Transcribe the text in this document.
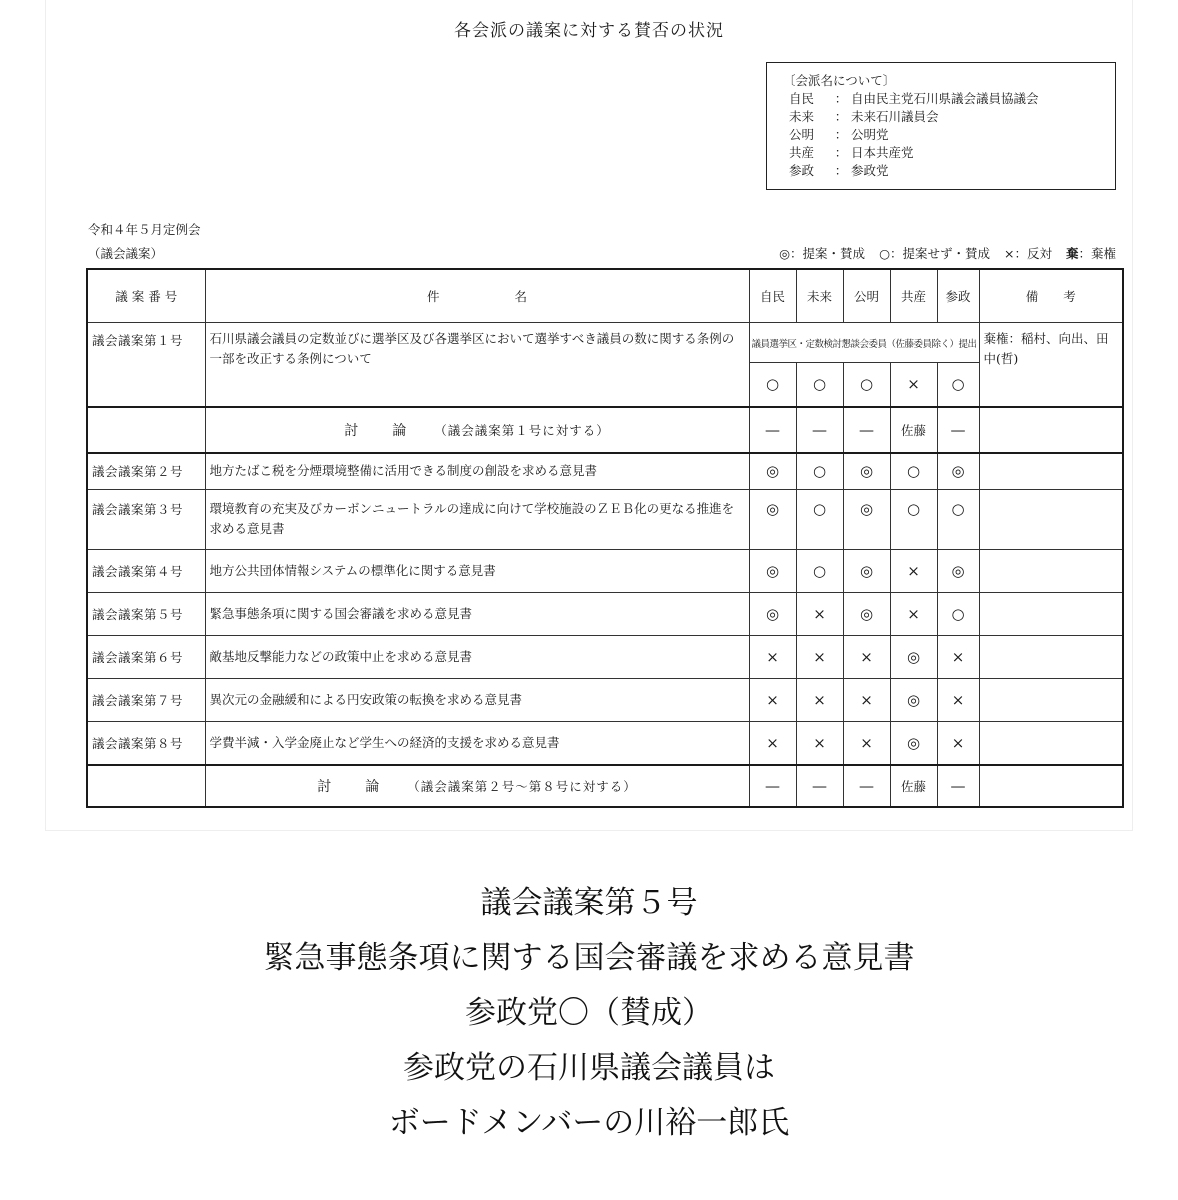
各会派の議案に対する賛否の状況
〔会派名について〕
自民	： 自由民主党石川県議会議員協議会
未来	： 未来石川議員会
公明	： 公明党
共産	： 日本共産党
参政	： 参政党
令和４年５月定例会
（議会議案）	◎：提案・賛成 ○：提案せず・賛成 ×：反対 棄：棄権
議 案 番 号	件　　　　　　名	自民	未来	公明	共産	参政	備　　考
議会議案第１号	石川県議会議員の定数並びに選挙区及び各選挙区において選挙すべき議員の数に関する条例の一部を改正する条例について	議員選挙区・定数検討懇談会委員（佐藤委員除く）提出					棄権：稲村、向出、田中(哲)
		○	○	○	×	○	
	討　論 （議会議案第１号に対する）	—	—	—	佐藤	—	
議会議案第２号	地方たばこ税を分煙環境整備に活用できる制度の創設を求める意見書	◎	○	◎	○	◎	
議会議案第３号	環境教育の充実及びカーボンニュートラルの達成に向けて学校施設のＺＥＢ化の更なる推進を求める意見書	◎	○	◎	○	○	
議会議案第４号	地方公共団体情報システムの標準化に関する意見書	◎	○	◎	×	◎	
議会議案第５号	緊急事態条項に関する国会審議を求める意見書	◎	×	◎	×	○	
議会議案第６号	敵基地反撃能力などの政策中止を求める意見書	×	×	×	◎	×	
議会議案第７号	異次元の金融緩和による円安政策の転換を求める意見書	×	×	×	◎	×	
議会議案第８号	学費半減・入学金廃止など学生への経済的支援を求める意見書	×	×	×	◎	×	
	討　論 （議会議案第２号～第８号に対する）	—	—	—	佐藤	—	
議会議案第５号
緊急事態条項に関する国会審議を求める意見書
参政党〇（賛成）
参政党の石川県議会議員は
ボードメンバーの川裕一郎氏
